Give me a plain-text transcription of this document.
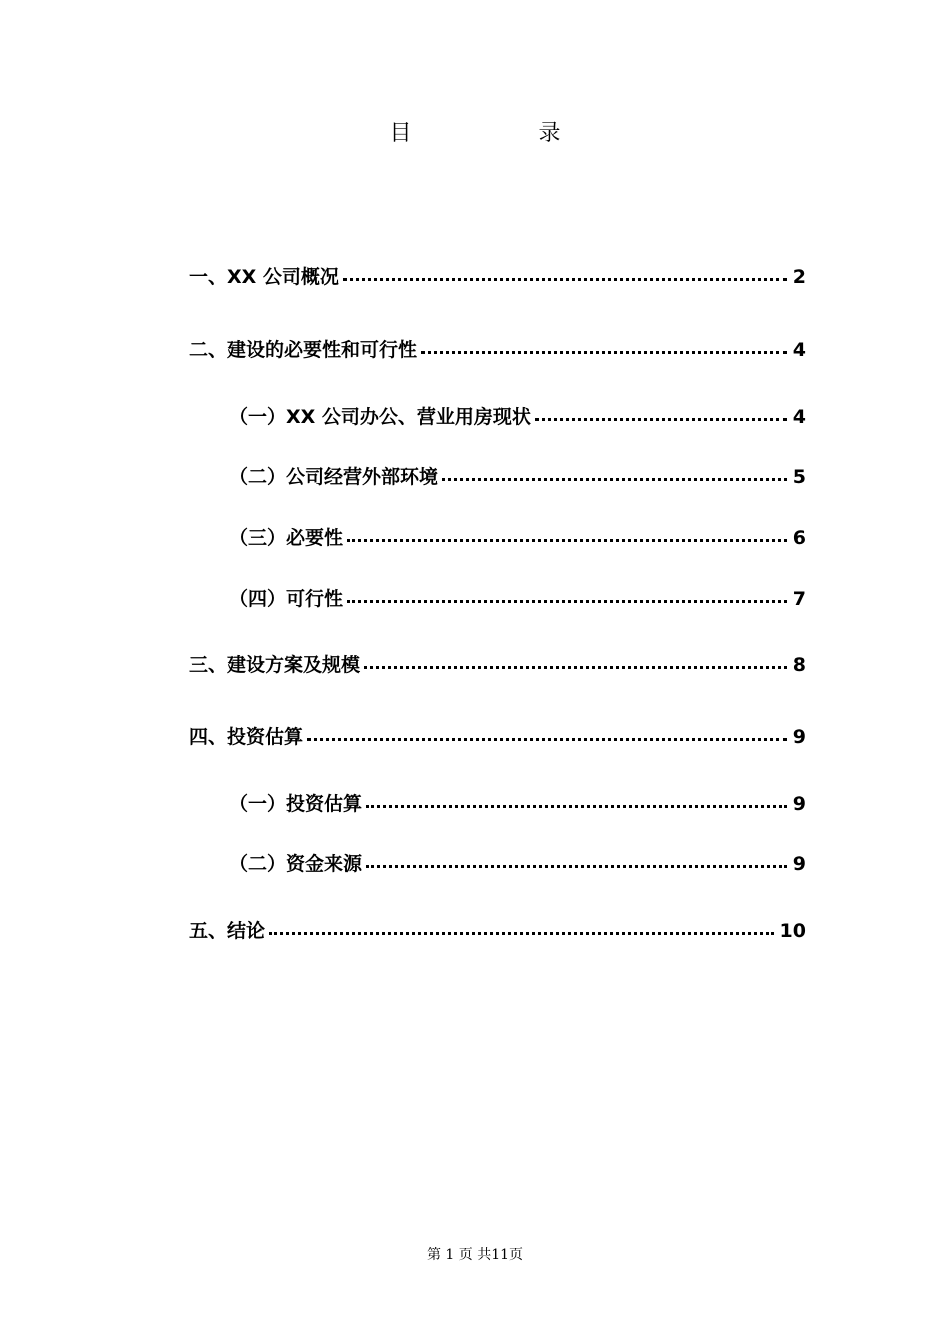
目 录
一、XX 公司概况	2
二、建设的必要性和可行性	4
（一）XX 公司办公、营业用房现状	4
（二）公司经营外部环境	5
（三）必要性	6
（四）可行性	7
三、建设方案及规模	8
四、投资估算	9
（一）投资估算	9
（二）资金来源	9
五、结论	10
第 1 页 共11页
